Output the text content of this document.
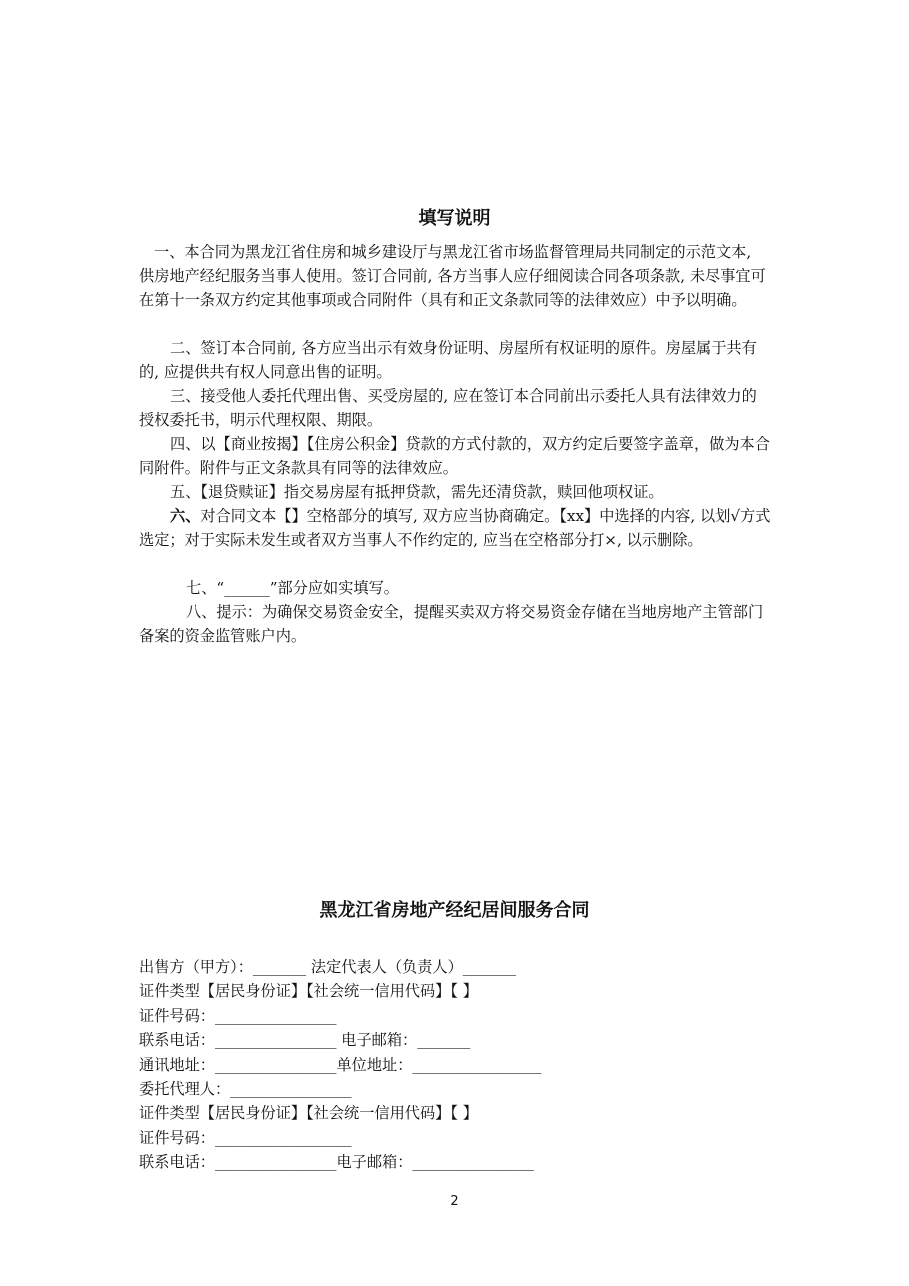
填写说明

一、本合同为黑龙江省住房和城乡建设厅与黑龙江省市场监督管理局共同制定的示范文本, 供房地产经纪服务当事人使用。签订合同前, 各方当事人应仔细阅读合同各项条款, 未尽事宜可在第十一条双方约定其他事项或合同附件（具有和正文条款同等的法律效应）中予以明确。

二、签订本合同前, 各方应当出示有效身份证明、房屋所有权证明的原件。房屋属于共有的, 应提供共有权人同意出售的证明。

三、接受他人委托代理出售、买受房屋的, 应在签订本合同前出示委托人具有法律效力的授权委托书，明示代理权限、期限。

四、以【商业按揭】【住房公积金】贷款的方式付款的，双方约定后要签字盖章，做为本合同附件。附件与正文条款具有同等的法律效应。

五、【退贷赎证】指交易房屋有抵押贷款，需先还清贷款，赎回他项权证。

六、对合同文本【】空格部分的填写, 双方应当协商确定。【xx】中选择的内容, 以划√方式选定；对于实际未发生或者双方当事人不作约定的, 应当在空格部分打×, 以示删除。

七、“______”部分应如实填写。

八、提示：为确保交易资金安全，提醒买卖双方将交易资金存储在当地房地产主管部门备案的资金监管账户内。

黑龙江省房地产经纪居间服务合同

出售方（甲方）：_______ 法定代表人（负责人）_______

证件类型【居民身份证】【社会统一信用代码】【 】

证件号码：________________

联系电话：________________ 电子邮箱：_______

通讯地址：________________单位地址：_________________

委托代理人：________________

证件类型【居民身份证】【社会统一信用代码】【 】

证件号码：__________________

联系电话：________________电子邮箱：________________

2
